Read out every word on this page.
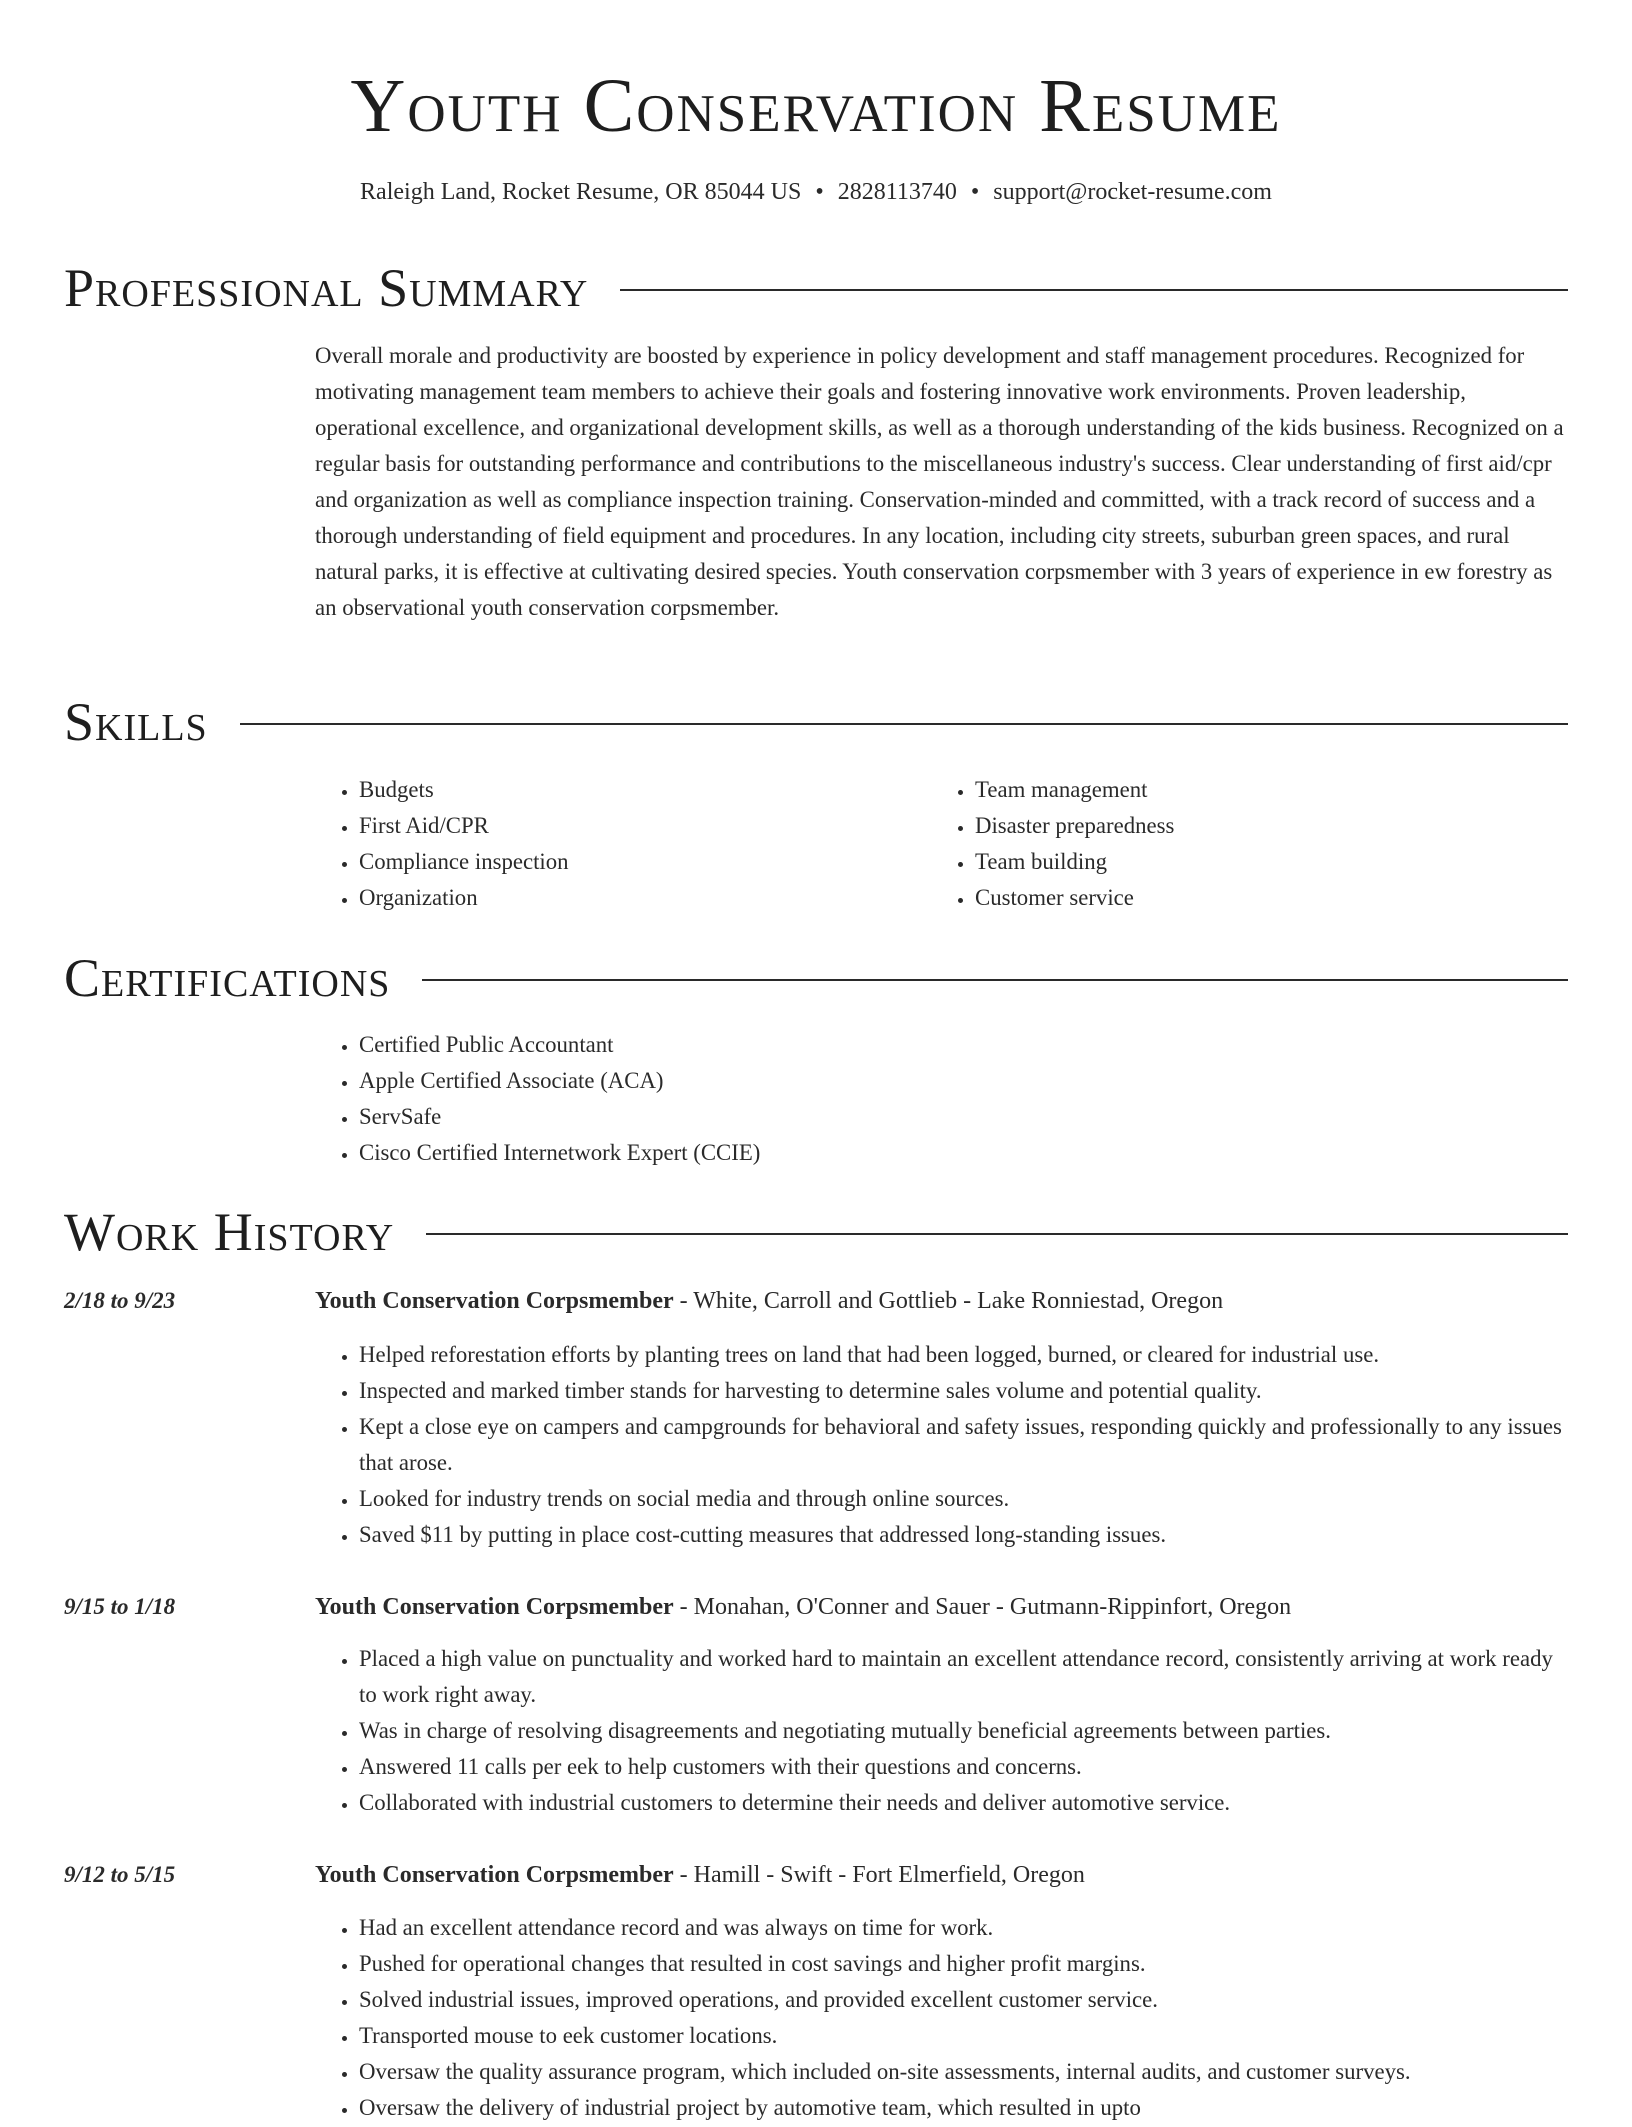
Youth Conservation Resume
Raleigh Land, Rocket Resume, OR 85044 US • 2828113740 • support@rocket-resume.com
Professional Summary

Overall morale and productivity are boosted by experience in policy development and staff management procedures. Recognized for motivating management team members to achieve their goals and fostering innovative work environments. Proven leadership, operational excellence, and organizational development skills, as well as a thorough understanding of the kids business. Recognized on a regular basis for outstanding performance and contributions to the miscellaneous industry's success. Clear understanding of first aid/cpr and organization as well as compliance inspection training. Conservation-minded and committed, with a track record of success and a thorough understanding of field equipment and procedures. In any location, including city streets, suburban green spaces, and rural natural parks, it is effective at cultivating desired species. Youth conservation corpsmember with 3 years of experience in ew forestry as an observational youth conservation corpsmember.

Skills
• Budgets
• First Aid/CPR
• Compliance inspection
• Organization
• Team management
• Disaster preparedness
• Team building
• Customer service
Certifications
• Certified Public Accountant
• Apple Certified Associate (ACA)
• ServSafe
• Cisco Certified Internetwork Expert (CCIE)
Work History
2/18 to 9/23	Youth Conservation Corpsmember - White, Carroll and Gottlieb - Lake Ronniestad, Oregon
• Helped reforestation efforts by planting trees on land that had been logged, burned, or cleared for industrial use.
• Inspected and marked timber stands for harvesting to determine sales volume and potential quality.
• Kept a close eye on campers and campgrounds for behavioral and safety issues, responding quickly and professionally to any issues that arose.
• Looked for industry trends on social media and through online sources.
• Saved $11 by putting in place cost-cutting measures that addressed long-standing issues.
9/15 to 1/18	Youth Conservation Corpsmember - Monahan, O'Conner and Sauer - Gutmann-Rippinfort, Oregon
• Placed a high value on punctuality and worked hard to maintain an excellent attendance record, consistently arriving at work ready to work right away.
• Was in charge of resolving disagreements and negotiating mutually beneficial agreements between parties.
• Answered 11 calls per eek to help customers with their questions and concerns.
• Collaborated with industrial customers to determine their needs and deliver automotive service.
9/12 to 5/15	Youth Conservation Corpsmember - Hamill - Swift - Fort Elmerfield, Oregon
• Had an excellent attendance record and was always on time for work.
• Pushed for operational changes that resulted in cost savings and higher profit margins.
• Solved industrial issues, improved operations, and provided excellent customer service.
• Transported mouse to eek customer locations.
• Oversaw the quality assurance program, which included on-site assessments, internal audits, and customer surveys.
• Oversaw the delivery of industrial project by automotive team, which resulted in upto
